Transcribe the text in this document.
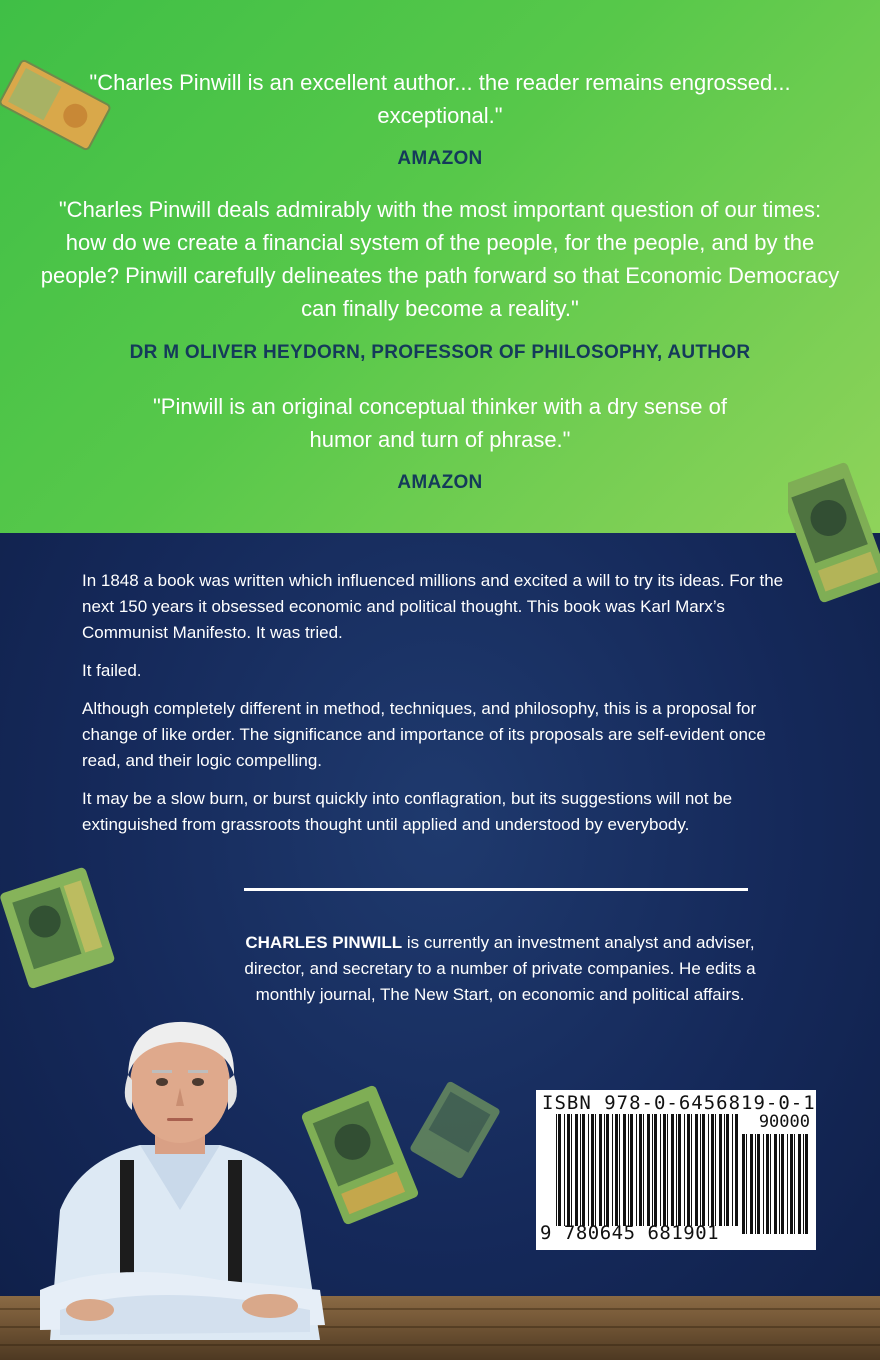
"Charles Pinwill is an excellent author... the reader remains engrossed... exceptional."
AMAZON
"Charles Pinwill deals admirably with the most important question of our times: how do we create a financial system of the people, for the people, and by the people? Pinwill carefully delineates the path forward so that Economic Democracy can finally become a reality."
DR M OLIVER HEYDORN, PROFESSOR OF PHILOSOPHY, AUTHOR
"Pinwill is an original conceptual thinker with a dry sense of humor and turn of phrase."
AMAZON

In 1848 a book was written which influenced millions and excited a will to try its ideas. For the next 150 years it obsessed economic and political thought. This book was Karl Marx’s Communist Manifesto. It was tried.

It failed.

Although completely different in method, techniques, and philosophy, this is a proposal for change of like order. The significance and importance of its proposals are self-evident once read, and their logic compelling.

It may be a slow burn, or burst quickly into conflagration, but its suggestions will not be extinguished from grassroots thought until applied and understood by everybody.

CHARLES PINWILL is currently an investment analyst and adviser, director, and secretary to a number of private companies. He edits a monthly journal, The New Start, on economic and political affairs.
ISBN 978-0-6456819-0-1
90000
9 780645 681901
